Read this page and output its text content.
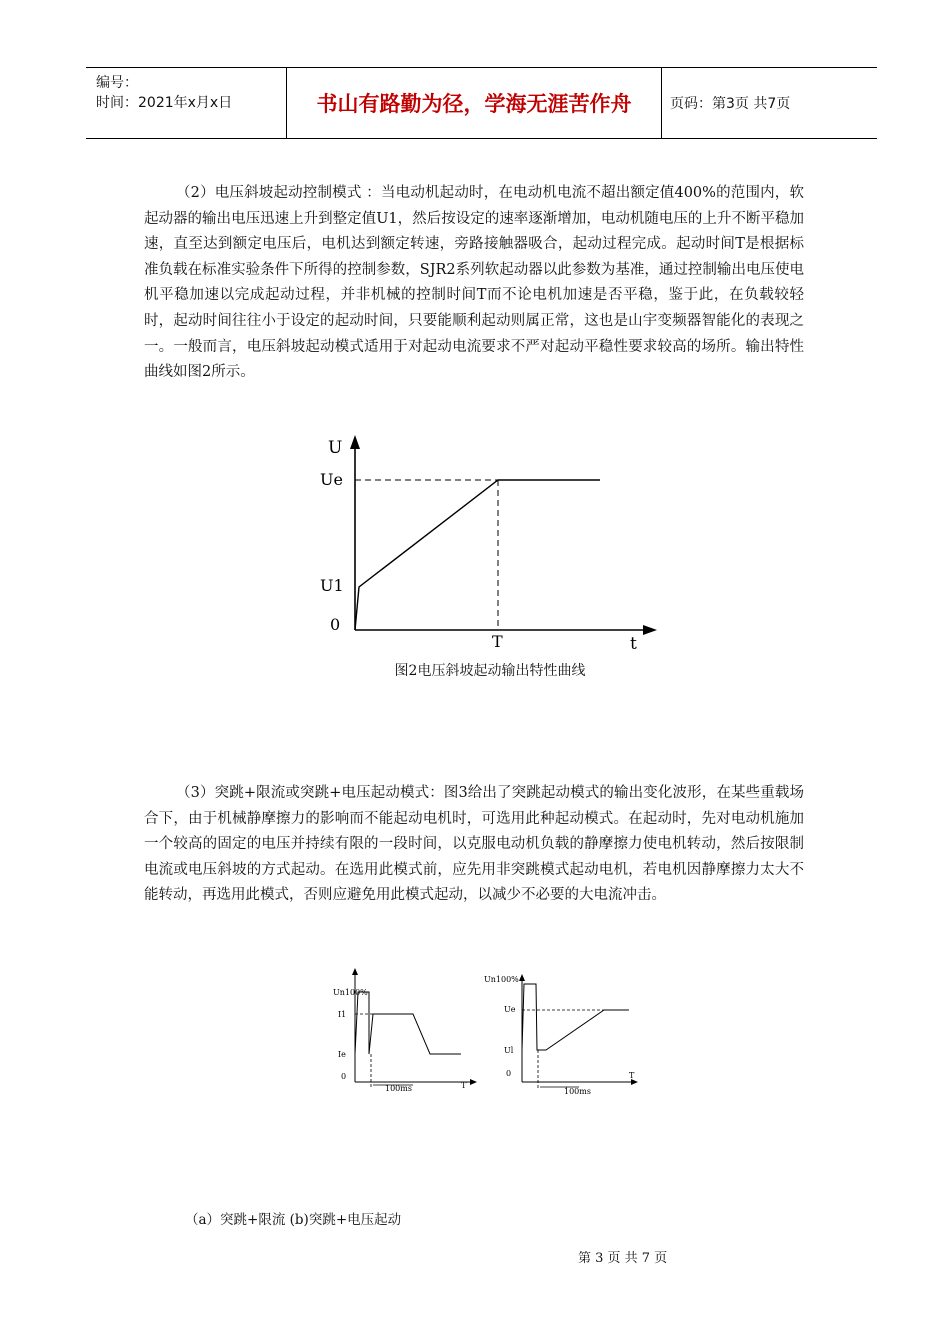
编号：
时间：2021年x月x日	书山有路勤为径，学海无涯苦作舟	页码：第3页 共7页
（2）电压斜坡起动控制模式 ：当电动机起动时，在电动机电流不超出额定值400%的范围内，软起动器的输出电压迅速上升到整定值U1，然后按设定的速率逐渐增加，电动机随电压的上升不断平稳加速，直至达到额定电压后，电机达到额定转速，旁路接触器吸合，起动过程完成。起动时间T是根据标准负载在标准实验条件下所得的控制参数，SJR2系列软起动器以此参数为基准，通过控制输出电压使电机平稳加速以完成起动过程，并非机械的控制时间T而不论电机加速是否平稳，鉴于此，在负载较轻时，起动时间往往小于设定的起动时间，只要能顺利起动则属正常，这也是山宇变频器智能化的表现之一。一般而言，电压斜坡起动模式适用于对起动电流要求不严对起动平稳性要求较高的场所。输出特性曲线如图2所示。
U
Ue
U1
0
T	t
图2电压斜坡起动输出特性曲线
（3）突跳+限流或突跳+电压起动模式：图3给出了突跳起动模式的输出变化波形，在某些重载场合下，由于机械静摩擦力的影响而不能起动电机时，可选用此种起动模式。在起动时，先对电动机施加一个较高的固定的电压并持续有限的一段时间，以克服电动机负载的静摩擦力使电机转动，然后按限制电流或电压斜坡的方式起动。在选用此模式前，应先用非突跳模式起动电机，若电机因静摩擦力太大不能转动，再选用此模式，否则应避免用此模式起动，以减少不必要的大电流冲击。
Un100%
I1
Ie
0
100ms	T
Un100%
Ue
Ul
0
100ms
T
（a）突跳+限流 (b)突跳+电压起动
第 3 页 共 7 页
